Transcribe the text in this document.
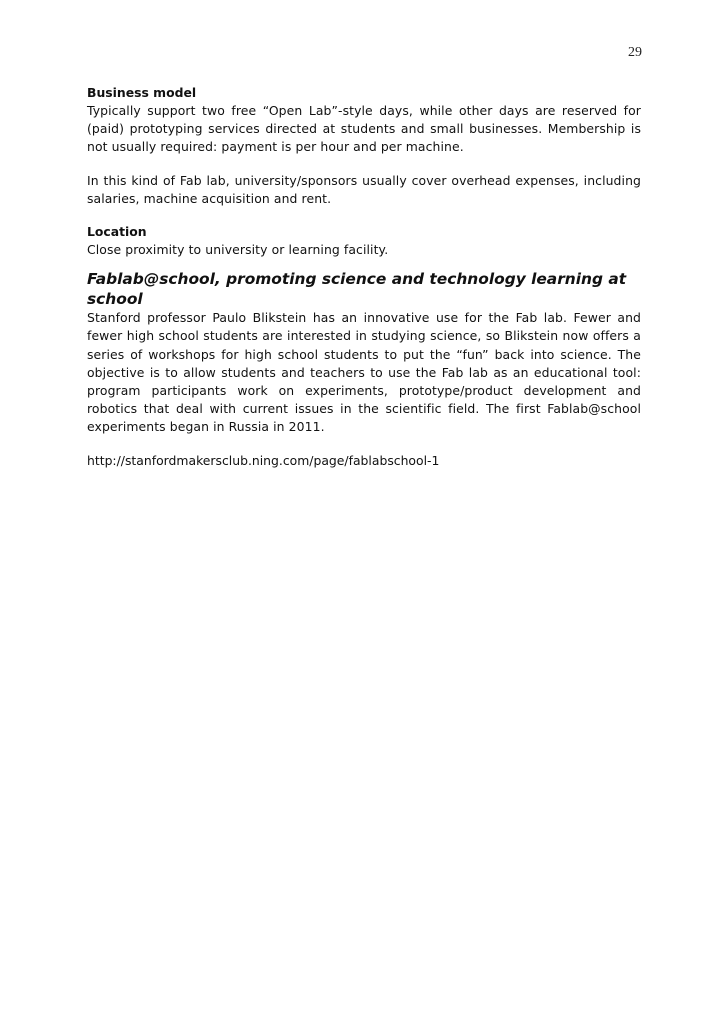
29

Business model

Typically support two free “Open Lab”-style days, while other days are reserved for (paid) prototyping services directed at students and small businesses. Membership is not usually required: payment is per hour and per machine.

In this kind of Fab lab, university/sponsors usually cover overhead expenses, including salaries, machine acquisition and rent.

Location

Close proximity to university or learning facility.

Fablab@school, promoting science and technology learning at school

Stanford professor Paulo Blikstein has an innovative use for the Fab lab. Fewer and fewer high school students are interested in studying science, so Blikstein now offers a series of workshops for high school students to put the “fun” back into science. The objective is to allow students and teachers to use the Fab lab as an educational tool: program participants work on experiments, prototype/product development and robotics that deal with current issues in the scientific field. The first Fablab@school experiments began in Russia in 2011.

http://stanfordmakersclub.ning.com/page/fablabschool-1
